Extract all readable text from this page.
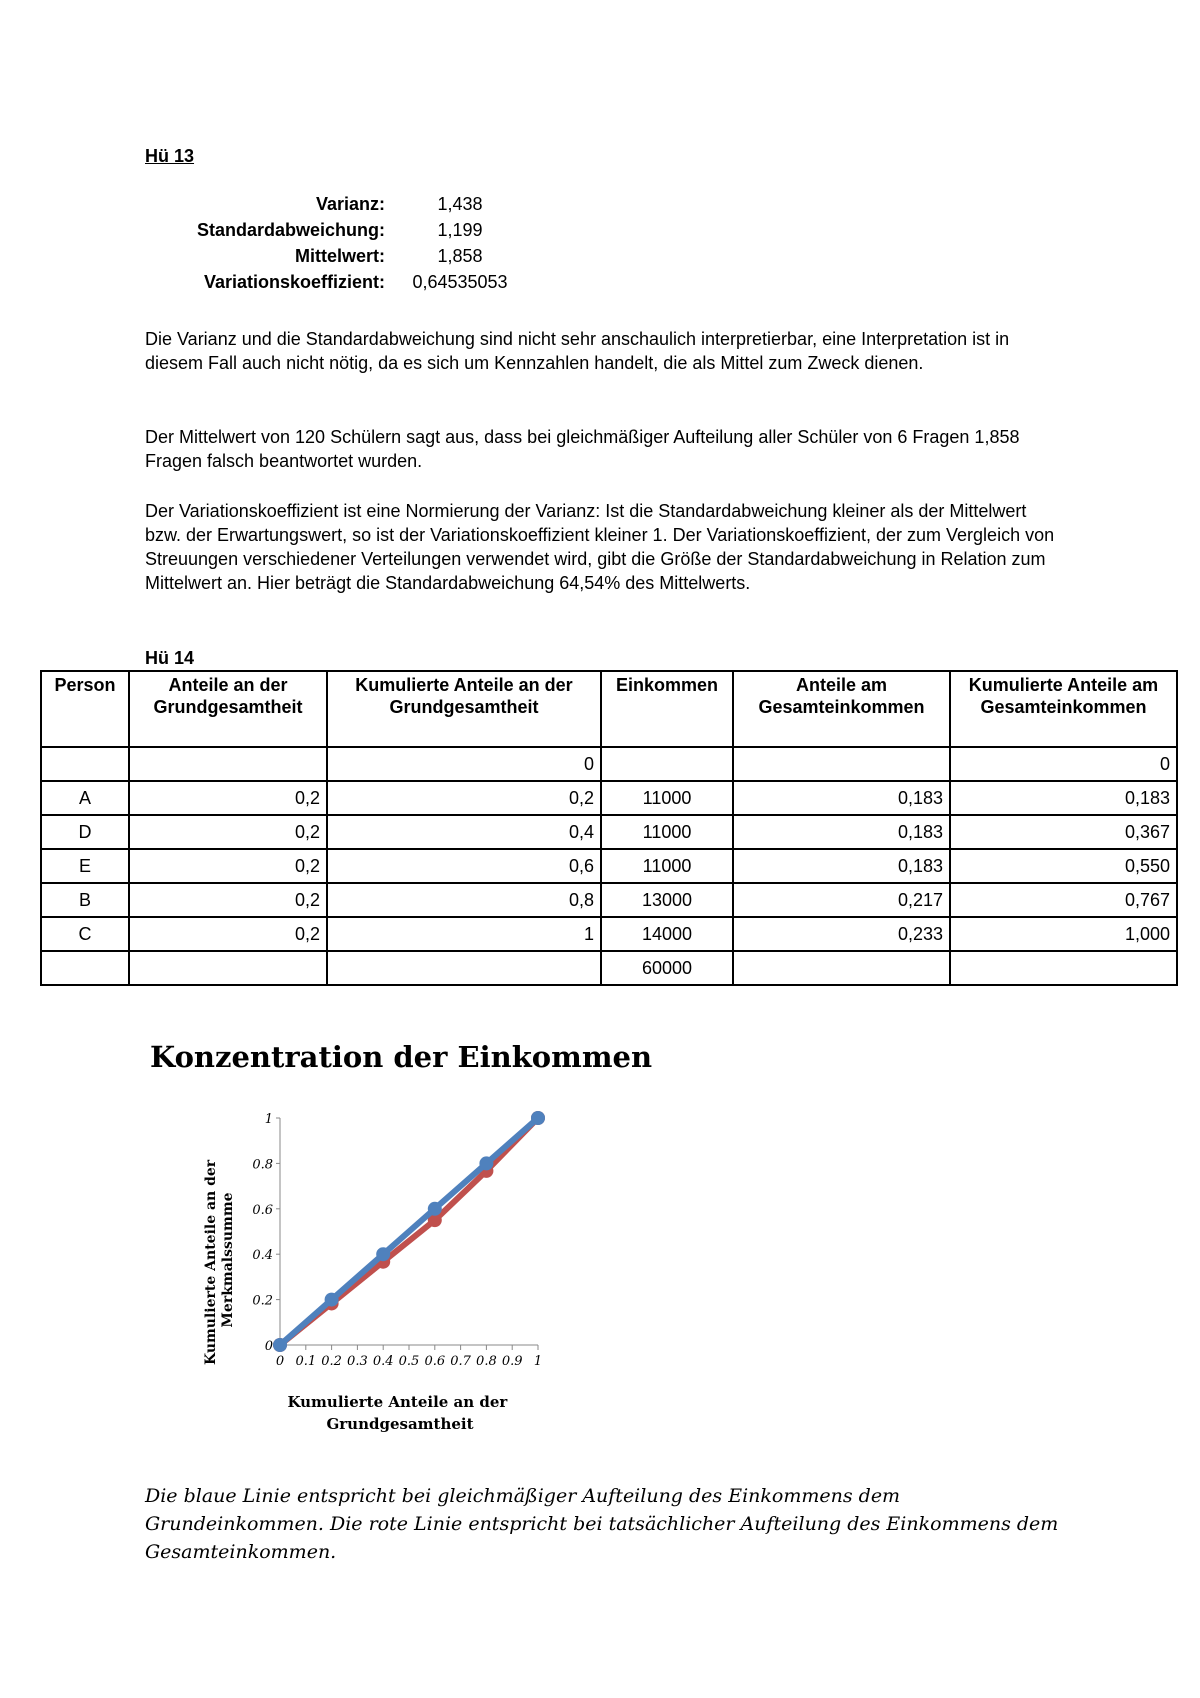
Hü 13
Varianz:	1,438
Standardabweichung:	1,199
Mittelwert:	1,858
Variationskoeffizient:	0,64535053
Die Varianz und die Standardabweichung sind nicht sehr anschaulich interpretierbar, eine Interpretation ist in diesem Fall auch nicht nötig, da es sich um Kennzahlen handelt, die als Mittel zum Zweck dienen.
Der Mittelwert von 120 Schülern sagt aus, dass bei gleichmäßiger Aufteilung aller Schüler von 6 Fragen 1,858 Fragen falsch beantwortet wurden.
Der Variationskoeffizient ist eine Normierung der Varianz: Ist die Standardabweichung kleiner als der Mittelwert bzw. der Erwartungswert, so ist der Variationskoeffizient kleiner 1. Der Variationskoeffizient, der zum Vergleich von Streuungen verschiedener Verteilungen verwendet wird, gibt die Größe der Standardabweichung in Relation zum Mittelwert an. Hier beträgt die Standardabweichung 64,54% des Mittelwerts.
Hü 14
Person	Anteile an der Grundgesamtheit	Kumulierte Anteile an der Grundgesamtheit	Einkommen	Anteile am Gesamteinkommen	Kumulierte Anteile am Gesamteinkommen
		0			0
A	0,2	0,2	11000	0,183	0,183
D	0,2	0,4	11000	0,183	0,367
E	0,2	0,6	11000	0,183	0,550
B	0,2	0,8	13000	0,217	0,767
C	0,2	1	14000	0,233	1,000
			60000		
Konzentration der Einkommen
Kumulierte Anteile an der Merkmalssumme
Kumulierte Anteile an der Grundgesamtheit
0 0.1 0.2 0.3 0.4 0.5 0.6 0.7 0.8 0.9 1
0
0.2
0.4
0.6
0.8
1
Die blaue Linie entspricht bei gleichmäßiger Aufteilung des Einkommens dem Grundeinkommen. Die rote Linie entspricht bei tatsächlicher Aufteilung des Einkommens dem Gesamteinkommen.
